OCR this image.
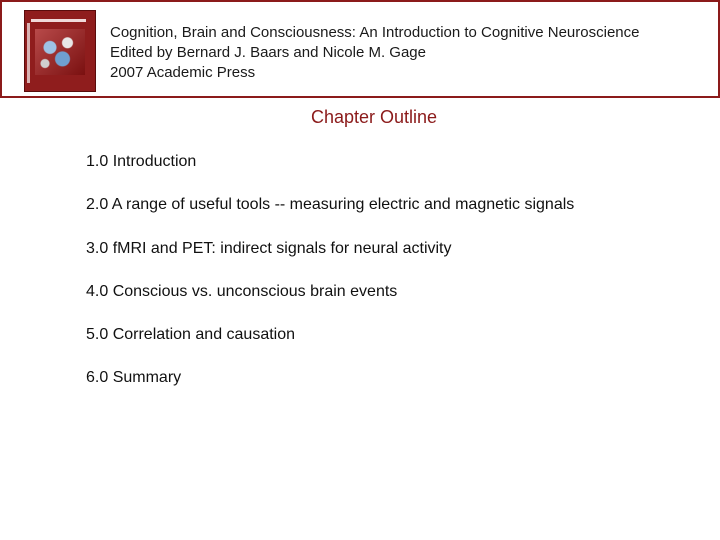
Cognition, Brain and Consciousness: An Introduction to Cognitive Neuroscience
Edited by Bernard J. Baars and Nicole M. Gage
2007 Academic Press
Chapter Outline
1.0 Introduction
2.0 A range of useful tools -- measuring electric and magnetic signals
3.0 fMRI and PET: indirect signals for neural activity
4.0 Conscious vs. unconscious brain events
5.0 Correlation and causation
6.0 Summary
